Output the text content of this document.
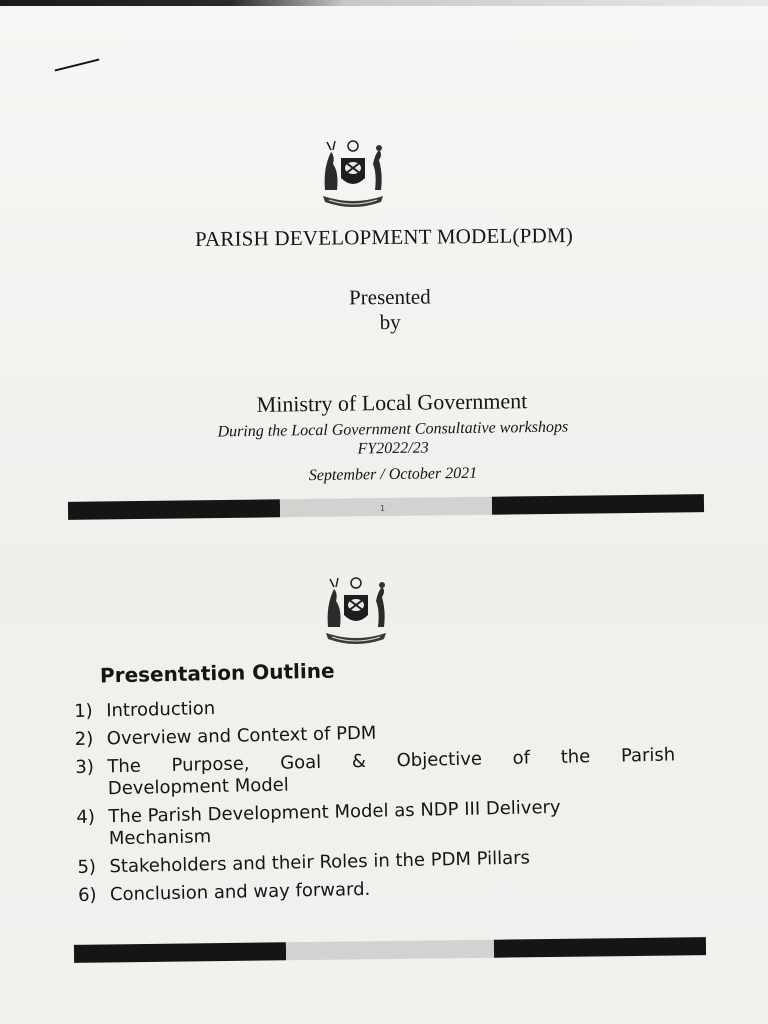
PARISH DEVELOPMENT MODEL(PDM)
Presented
by
Ministry of Local Government
During the Local Government Consultative workshops
FY2022/23
September / October 2021
1
Presentation Outline
1) Introduction
2) Overview and Context of PDM
3) The Purpose, Goal & Objective of the Parish
Development Model
4) The Parish Development Model as NDP III Delivery
Mechanism
5) Stakeholders and their Roles in the PDM Pillars
6) Conclusion and way forward.
